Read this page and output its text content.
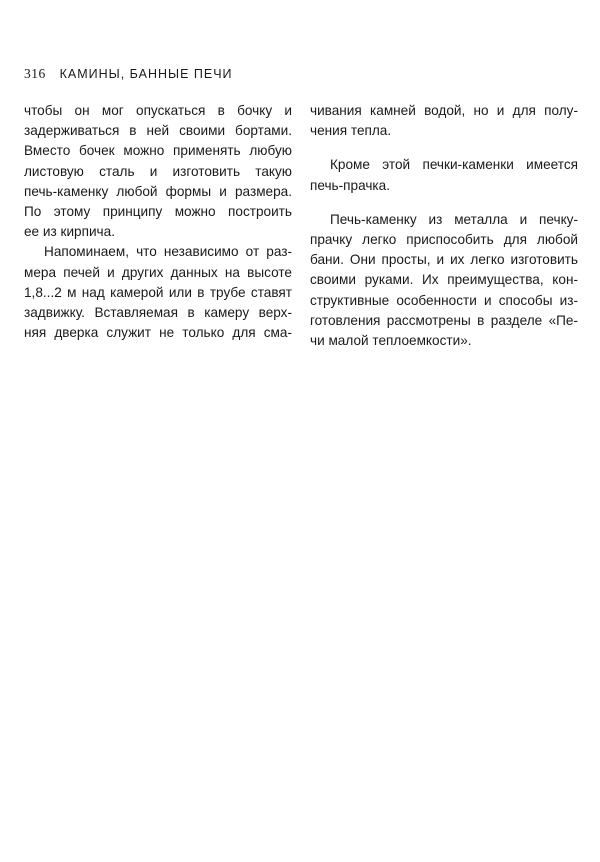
316 КАМИНЫ, БАННЫЕ ПЕЧИ
чтобы он мог опускаться в бочку и
задерживаться в ней своими бортами.
Вместо бочек можно применять любую
листовую сталь и изготовить такую
печь-каменку любой формы и размера.
По этому принципу можно построить
ее из кирпича.
Напоминаем, что независимо от раз-
мера печей и других данных на высоте
1,8...2 м над камерой или в трубе ставят
задвижку. Вставляемая в камеру верх-
няя дверка служит не только для сма-
чивания камней водой, но и для полу-
чения тепла.
Кроме этой печки-каменки имеется
печь-прачка.
Печь-каменку из металла и печку-
прачку легко приспособить для любой
бани. Они просты, и их легко изготовить
своими руками. Их преимущества, кон-
структивные особенности и способы из-
готовления рассмотрены в разделе «Пе-
чи малой теплоемкости».
